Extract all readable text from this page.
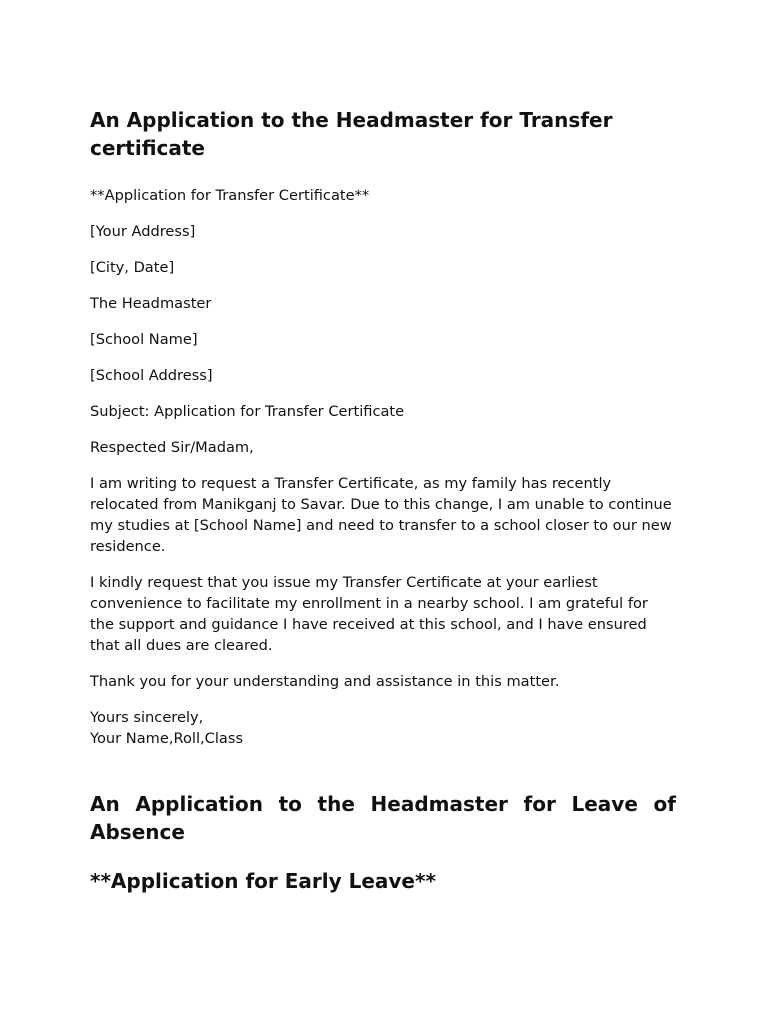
An Application to the Headmaster for Transfer certificate

**Application for Transfer Certificate**

[Your Address]

[City, Date]

The Headmaster

[School Name]

[School Address]

Subject: Application for Transfer Certificate

Respected Sir/Madam,

I am writing to request a Transfer Certificate, as my family has recently relocated from Manikganj to Savar. Due to this change, I am unable to continue my studies at [School Name] and need to transfer to a school closer to our new residence.

I kindly request that you issue my Transfer Certificate at your earliest convenience to facilitate my enrollment in a nearby school. I am grateful for the support and guidance I have received at this school, and I have ensured that all dues are cleared.

Thank you for your understanding and assistance in this matter.

Yours sincerely,

Your Name,Roll,Class

An Application to the Headmaster for Leave of Absence
**Application for Early Leave**
